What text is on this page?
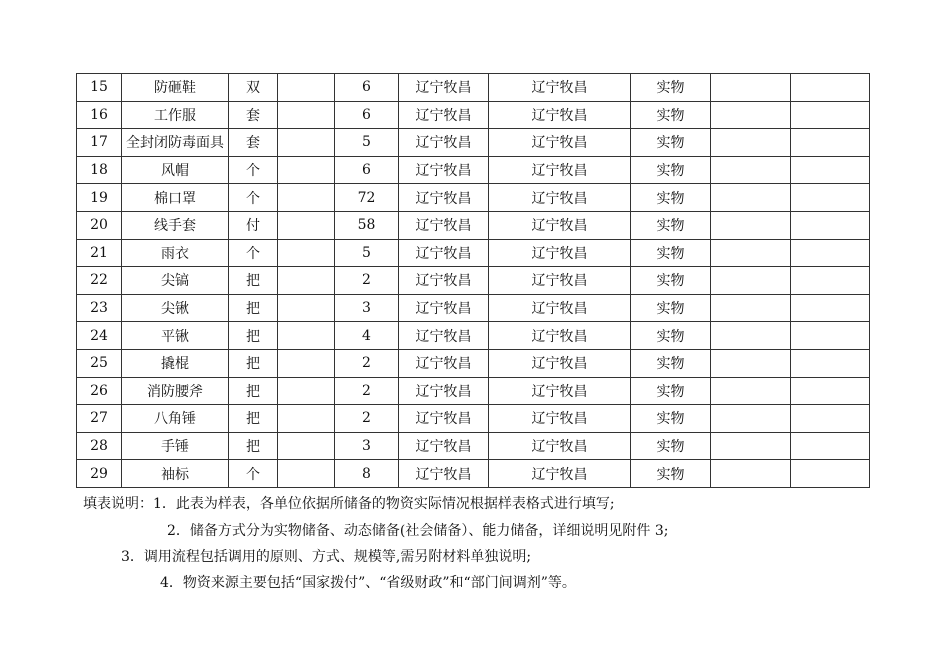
15	防砸鞋	双		6	辽宁牧昌	辽宁牧昌	实物		
16	工作服	套		6	辽宁牧昌	辽宁牧昌	实物		
17	全封闭防毒面具	套		5	辽宁牧昌	辽宁牧昌	实物		
18	风帽	个		6	辽宁牧昌	辽宁牧昌	实物		
19	棉口罩	个		72	辽宁牧昌	辽宁牧昌	实物		
20	线手套	付		58	辽宁牧昌	辽宁牧昌	实物		
21	雨衣	个		5	辽宁牧昌	辽宁牧昌	实物		
22	尖镐	把		2	辽宁牧昌	辽宁牧昌	实物		
23	尖锹	把		3	辽宁牧昌	辽宁牧昌	实物		
24	平锹	把		4	辽宁牧昌	辽宁牧昌	实物		
25	撬棍	把		2	辽宁牧昌	辽宁牧昌	实物		
26	消防腰斧	把		2	辽宁牧昌	辽宁牧昌	实物		
27	八角锤	把		2	辽宁牧昌	辽宁牧昌	实物		
28	手锤	把		3	辽宁牧昌	辽宁牧昌	实物		
29	袖标	个		8	辽宁牧昌	辽宁牧昌	实物		
填表说明：1．此表为样表，各单位依据所储备的物资实际情况根据样表格式进行填写;
2．储备方式分为实物储备、动态储备(社会储备）、能力储备，详细说明见附件 3;
3．调用流程包括调用的原则、方式、规模等,需另附材料单独说明;
4．物资来源主要包括“国家拨付”、“省级财政”和“部门间调剂”等。
